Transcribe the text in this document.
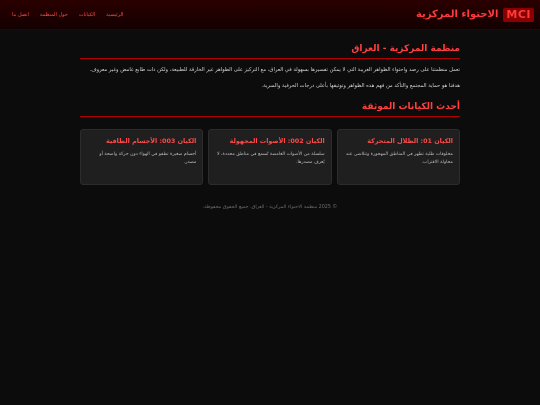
MCI
الاحتواء المركزية
الرئيسية
الكيانات
حول المنظمة
اتصل بنا
منظمة المركزية - العراق

تعمل منظمتنا على رصد واحتواء الظواهر الغريبة التي لا يمكن تفسيرها بسهولة في العراق، مع التركيز على الظواهر غير الخارقة للطبيعة، ولكن ذات طابع غامض وغير معروف.

هدفنا هو حماية المجتمع والتأكد من فهم هذه الظواهر وتوثيقها بأعلى درجات الحرفية والسرية.

أحدث الكيانات الموثقة
الكيان 01: الظلال المتحركة
مخلوقات ظلية تظهر في المناطق المهجورة وتتلاشى عند محاولة الاقتراب.
الكيان 002: الأصوات المجهولة
سلسلة من الأصوات الغامضة تُسمع في مناطق محددة، لا يُعرف مصدرها.
الكيان 003: الأجسام الطافية
أجسام صغيرة تطفو في الهواء دون حركة واضحة أو مصدر.
© 2025 منظمة الاحتواء المركزية - العراق. جميع الحقوق محفوظة.
